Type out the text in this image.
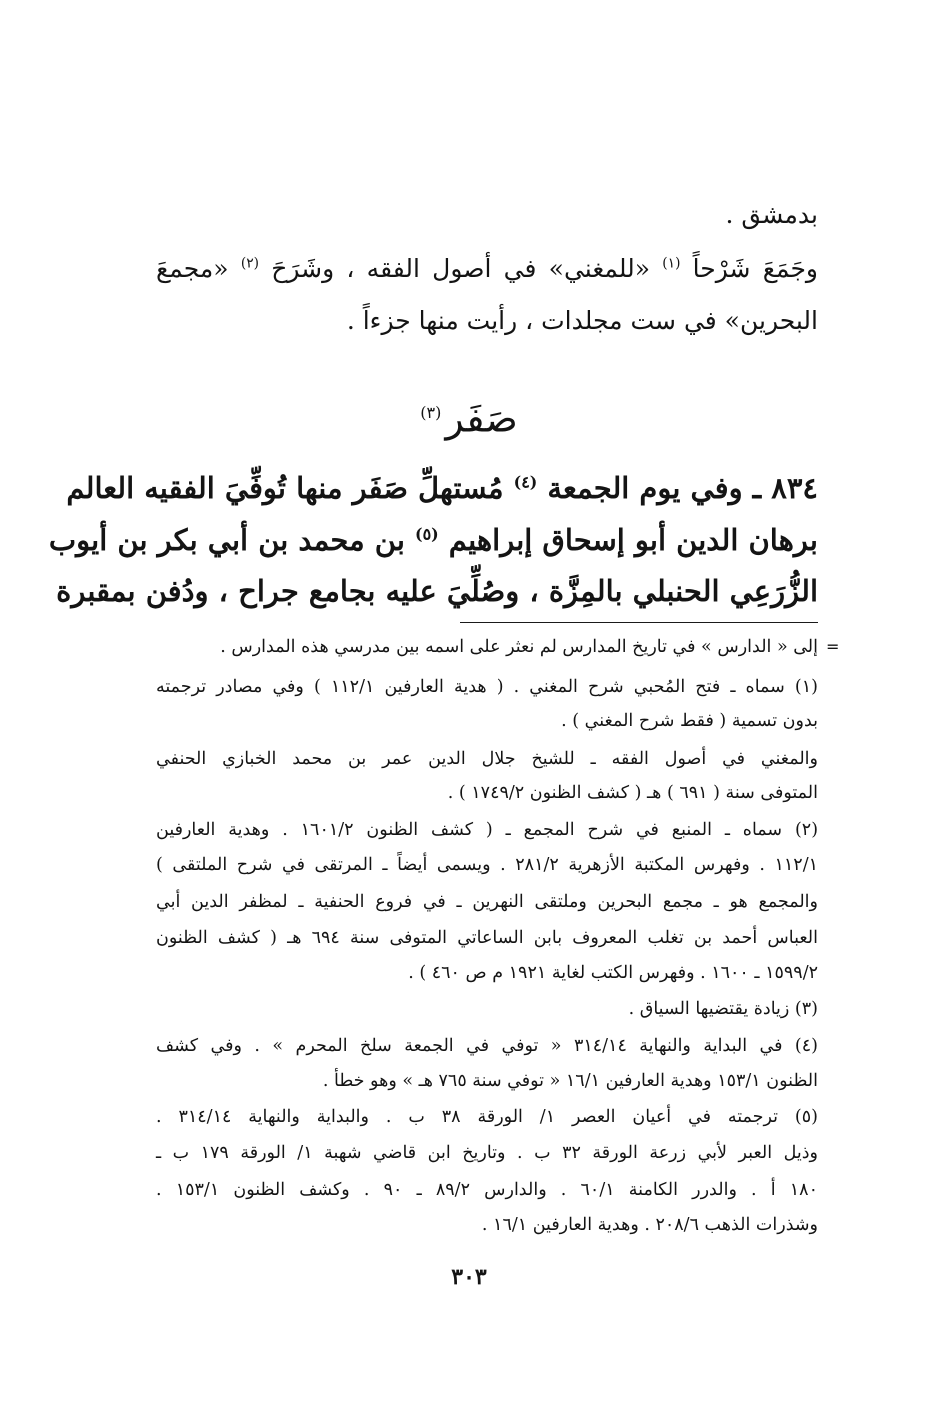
بدمشق .

وجَمَعَ شَرْحاً $^{(١)}$ «للمغني» في أصول الفقه ، وشَرَحَ $^{(٢)}$ «مجمعَ

البحرين» في ست مجلدات ، رأيت منها جزءاً .

صَفَر$^{(٣)}$

٨٣٤ ـ وفي يوم الجمعة $^{(٤)}$ مُستهلِّ صَفَر منها تُوفِّيَ الفقيه العالم

برهان الدين أبو إسحاق إبراهيم $^{(٥)}$ بن محمد بن أبي بكر بن أيوب

الزُّرَعِي الحنبلي بالمِزَّة ، وصُلِّيَ عليه بجامع جراح ، ودُفن بمقبرة

=

إلى « الدارس » في تاريخ المدارس لم نعثر على اسمه بين مدرسي هذه المدارس .

(١) سماه ـ فتح المُحبي شرح المغني . ( هدية العارفين ١١٢/١ ) وفي مصادر ترجمته

بدون تسمية ( فقط شرح المغني ) .

والمغني في أصول الفقه ـ للشيخ جلال الدين عمر بن محمد الخبازي الحنفي

المتوفى سنة ( ٦٩١ ) هـ ( كشف الظنون ١٧٤٩/٢ ) .

(٢) سماه ـ المنبع في شرح المجمع ـ ( كشف الظنون ١٦٠١/٢ . وهدية العارفين

١١٢/١ . وفهرس المكتبة الأزهرية ٢٨١/٢ . ويسمى أيضاً ـ المرتقى في شرح الملتقى )

والمجمع هو ـ مجمع البحرين وملتقى النهرين ـ في فروع الحنفية ـ لمظفر الدين أبي

العباس أحمد بن تغلب المعروف بابن الساعاتي المتوفى سنة ٦٩٤ هـ ( كشف الظنون

١٥٩٩/٢ ـ ١٦٠٠ . وفهرس الكتب لغاية ١٩٢١ م ص ٤٦٠ ) .

(٣) زيادة يقتضيها السياق .

(٤) في البداية والنهاية ٣١٤/١٤ « توفي في الجمعة سلخ المحرم » . وفي كشف

الظنون ١٥٣/١ وهدية العارفين ١٦/١ « توفي سنة ٧٦٥ هـ » وهو خطأ .

(٥) ترجمته في أعيان العصر ١/ الورقة ٣٨ ب . والبداية والنهاية ٣١٤/١٤ .

وذيل العبر لأبي زرعة الورقة ٣٢ ب . وتاريخ ابن قاضي شهبة ١/ الورقة ١٧٩ ب ـ

١٨٠ أ . والدرر الكامنة ٦٠/١ . والدارس ٨٩/٢ ـ ٩٠ . وكشف الظنون ١٥٣/١ .

وشذرات الذهب ٢٠٨/٦ . وهدية العارفين ١٦/١ .

٣٠٣
